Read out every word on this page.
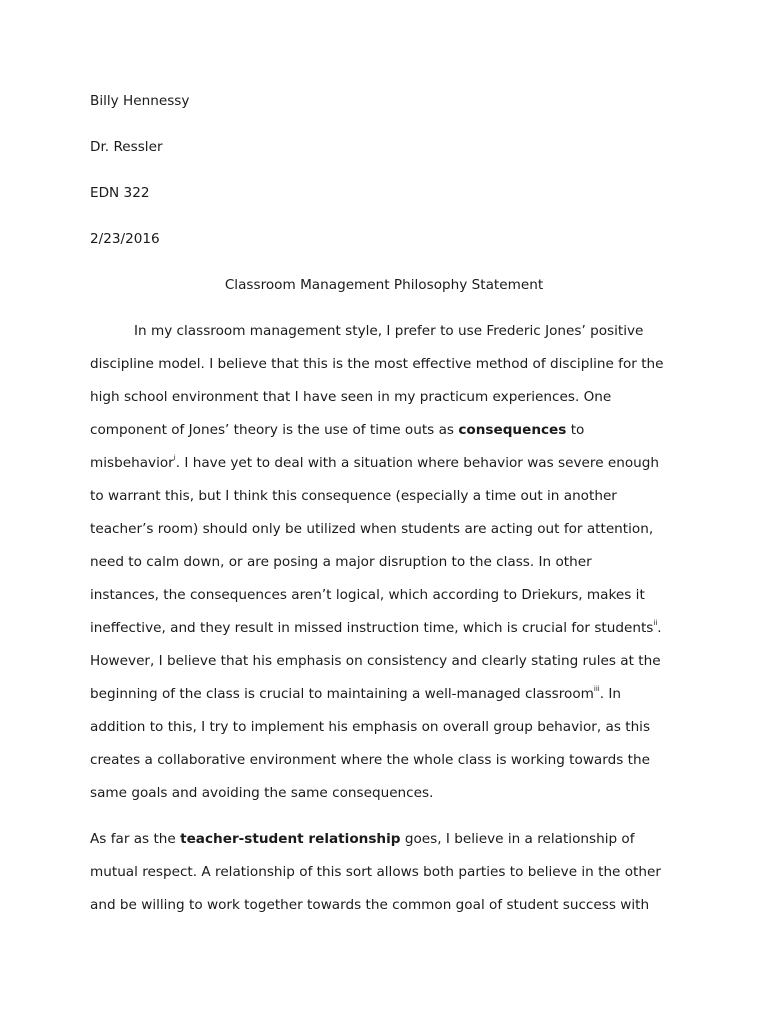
Billy Hennessy
Dr. Ressler
EDN 322
2/23/2016
Classroom Management Philosophy Statement
In my classroom management style, I prefer to use Frederic Jones’ positive
discipline model. I believe that this is the most effective method of discipline for the
high school environment that I have seen in my practicum experiences. One
component of Jones’ theory is the use of time outs as consequences to
misbehavior$^i$. I have yet to deal with a situation where behavior was severe enough
to warrant this, but I think this consequence (especially a time out in another
teacher’s room) should only be utilized when students are acting out for attention,
need to calm down, or are posing a major disruption to the class. In other
instances, the consequences aren’t logical, which according to Driekurs, makes it
ineffective, and they result in missed instruction time, which is crucial for students$^{ii}$.
However, I believe that his emphasis on consistency and clearly stating rules at the
beginning of the class is crucial to maintaining a well-managed classroom$^{iii}$. In
addition to this, I try to implement his emphasis on overall group behavior, as this
creates a collaborative environment where the whole class is working towards the
same goals and avoiding the same consequences.
As far as the teacher-student relationship goes, I believe in a relationship of
mutual respect. A relationship of this sort allows both parties to believe in the other
and be willing to work together towards the common goal of student success with
